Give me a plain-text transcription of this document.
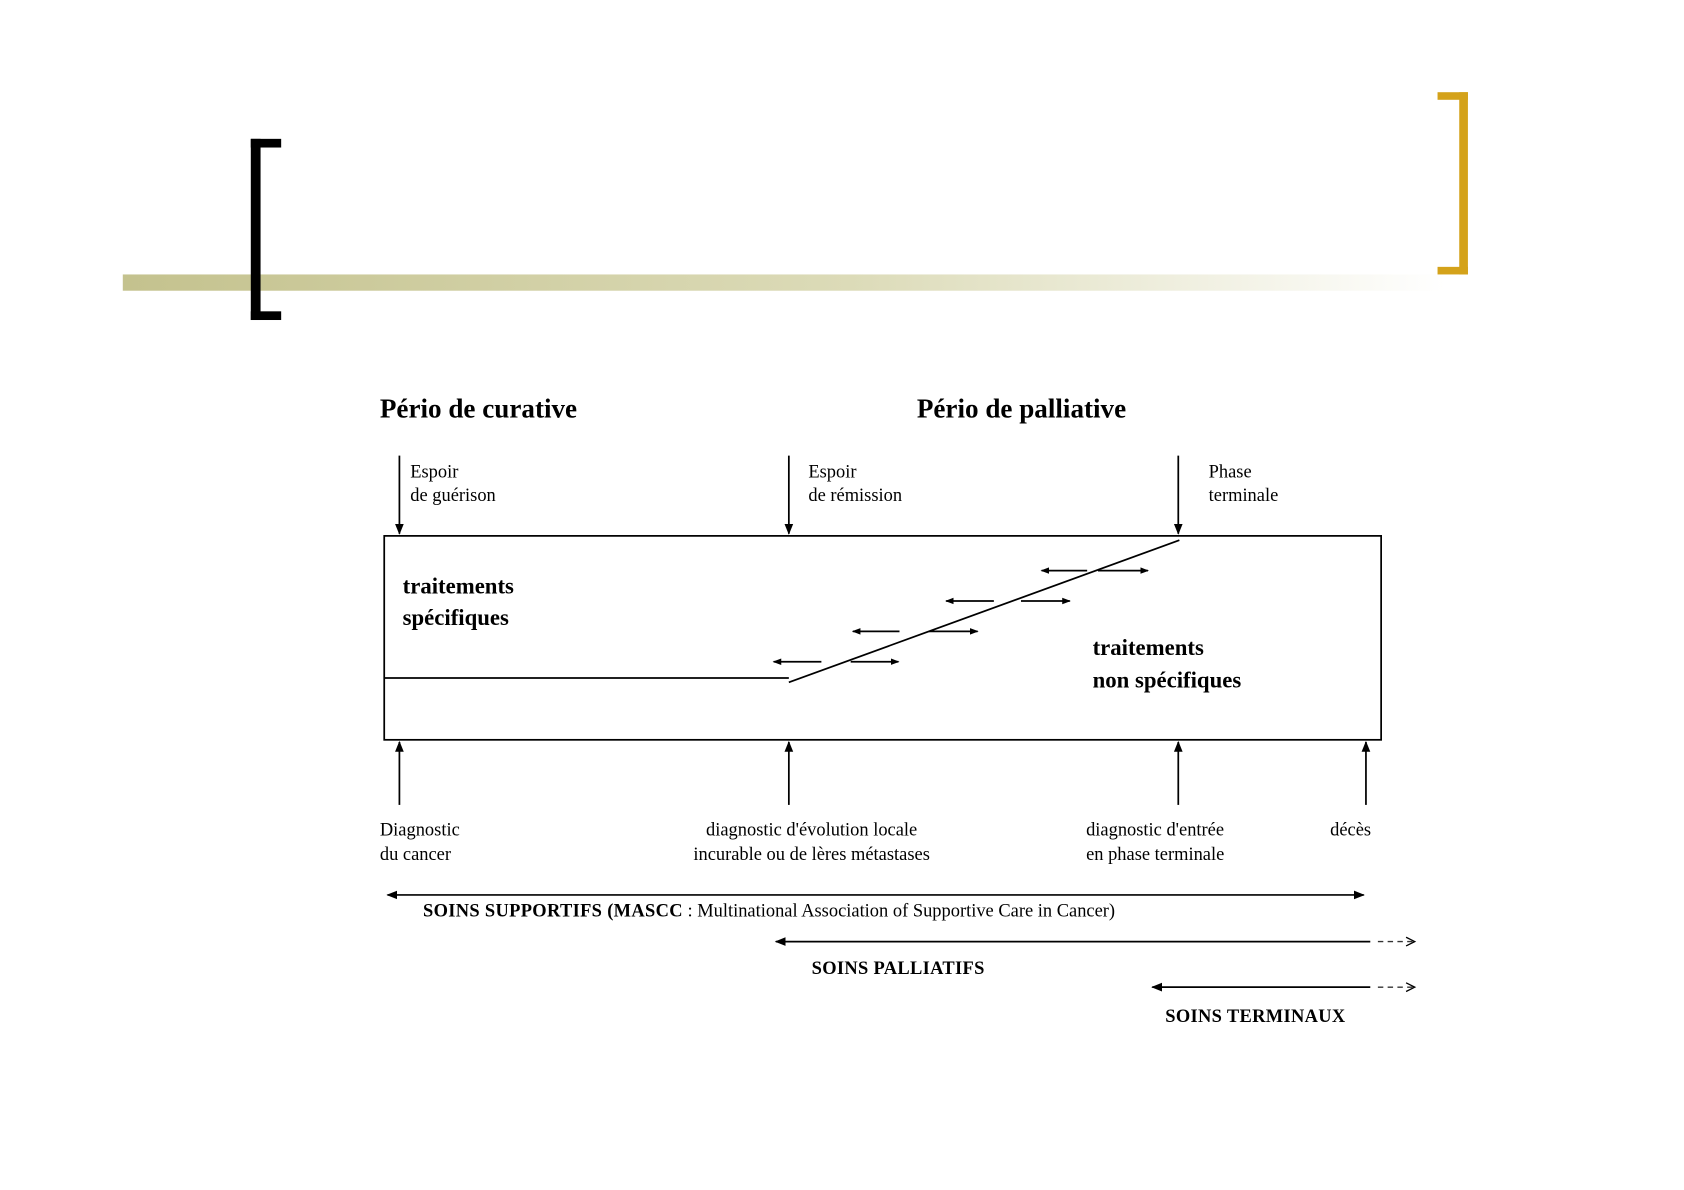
Pério de curative	Pério de palliative
Espoir
de guérison
Espoir
de rémission
Phase
terminale
traitements
spécifiques
traitements
non spécifiques
Diagnostic
du cancer
diagnostic d'évolution locale
incurable ou de lères métastases
diagnostic d'entrée
en phase terminale
décès
SOINS SUPPORTIFS (MASCC : Multinational Association of Supportive Care in Cancer)
SOINS PALLIATIFS
SOINS TERMINAUX
